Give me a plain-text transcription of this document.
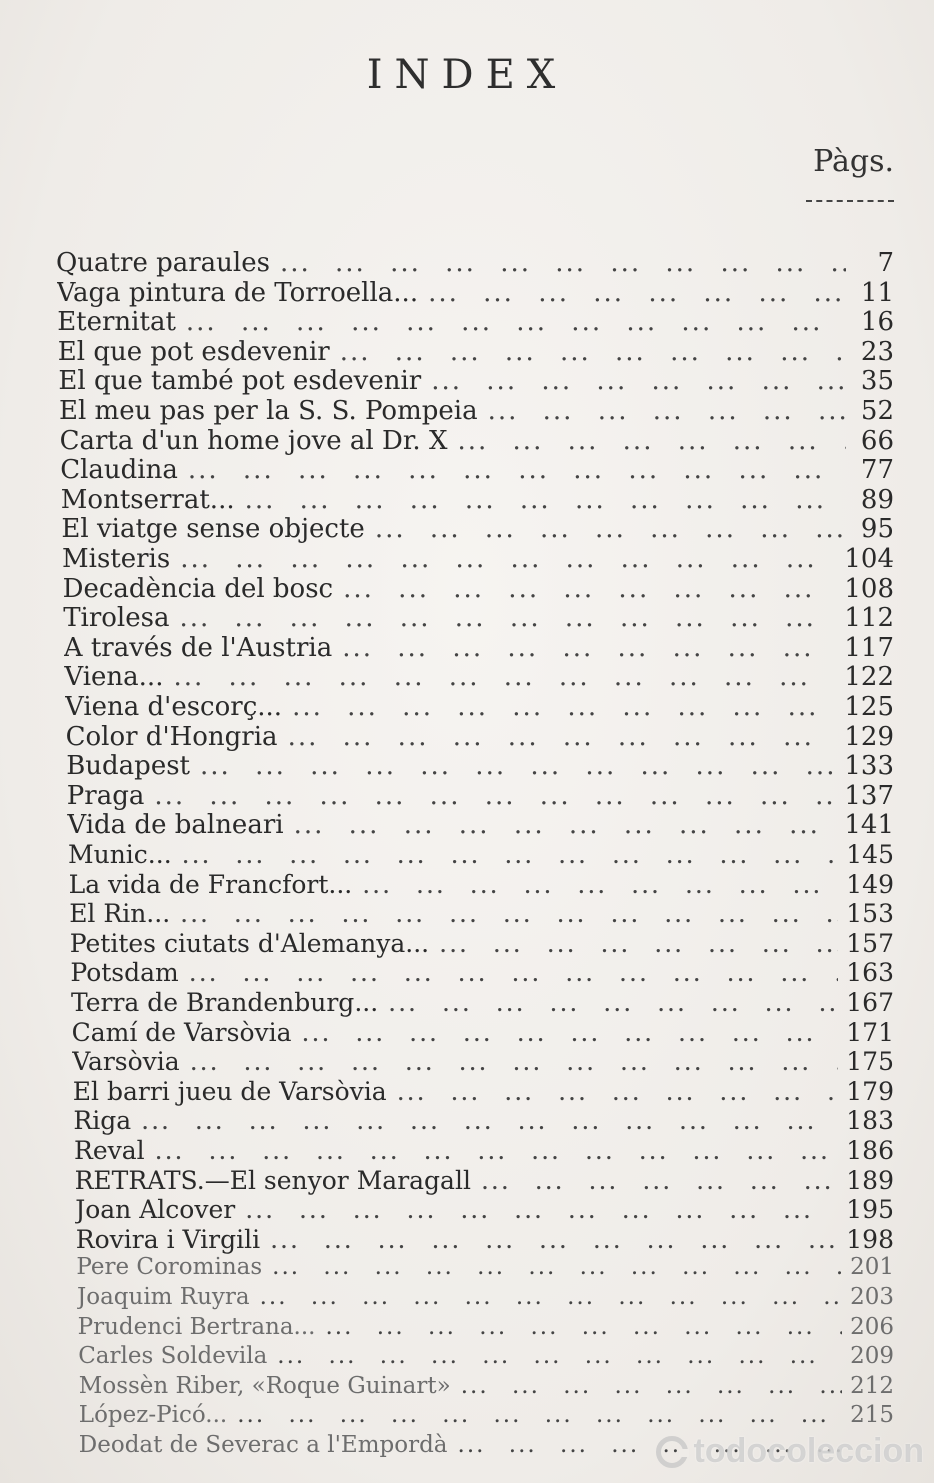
INDEX
Pàgs.
Quatre paraules ... .	7
Vaga pintura de Torroella... ... .	11
Eternitat ... .	16
El que pot esdevenir ... .	23
El que també pot esdevenir ... .	35
El meu pas per la S. S. Pompeia ... .	52
Carta d'un home jove al Dr. X ... .	66
Claudina ... .	77
Montserrat... ... .	89
El viatge sense objecte ... .	95
Misteris ... .	104
Decadència del bosc ... .	108
Tirolesa ... .	112
A través de l'Austria ... .	117
Viena... ... .	122
Viena d'escorç... ... .	125
Color d'Hongria ... .	129
Budapest ... .	133
Praga ... .	137
Vida de balneari ... .	141
Munic... ... .	145
La vida de Francfort... ... .	149
El Rin... ... .	153
Petites ciutats d'Alemanya... ... .	157
Potsdam ... .	163
Terra de Brandenburg... ... .	167
Camí de Varsòvia ... .	171
Varsòvia ... .	175
El barri jueu de Varsòvia ... .	179
Riga ... .	183
Reval ... .	186
RETRATS.—El senyor Maragall ... .	189
Joan Alcover ... .	195
Rovira i Virgili ... .	198
Pere Corominas ... .	201
Joaquim Ruyra ... .	203
Prudenci Bertrana... ... .	206
Carles Soldevila ... .	209
Mossèn Riber, «Roque Guinart» ... .	212
López-Picó... ... .	215
Deodat de Severac a l'Empordà ... .	todocoleccion
